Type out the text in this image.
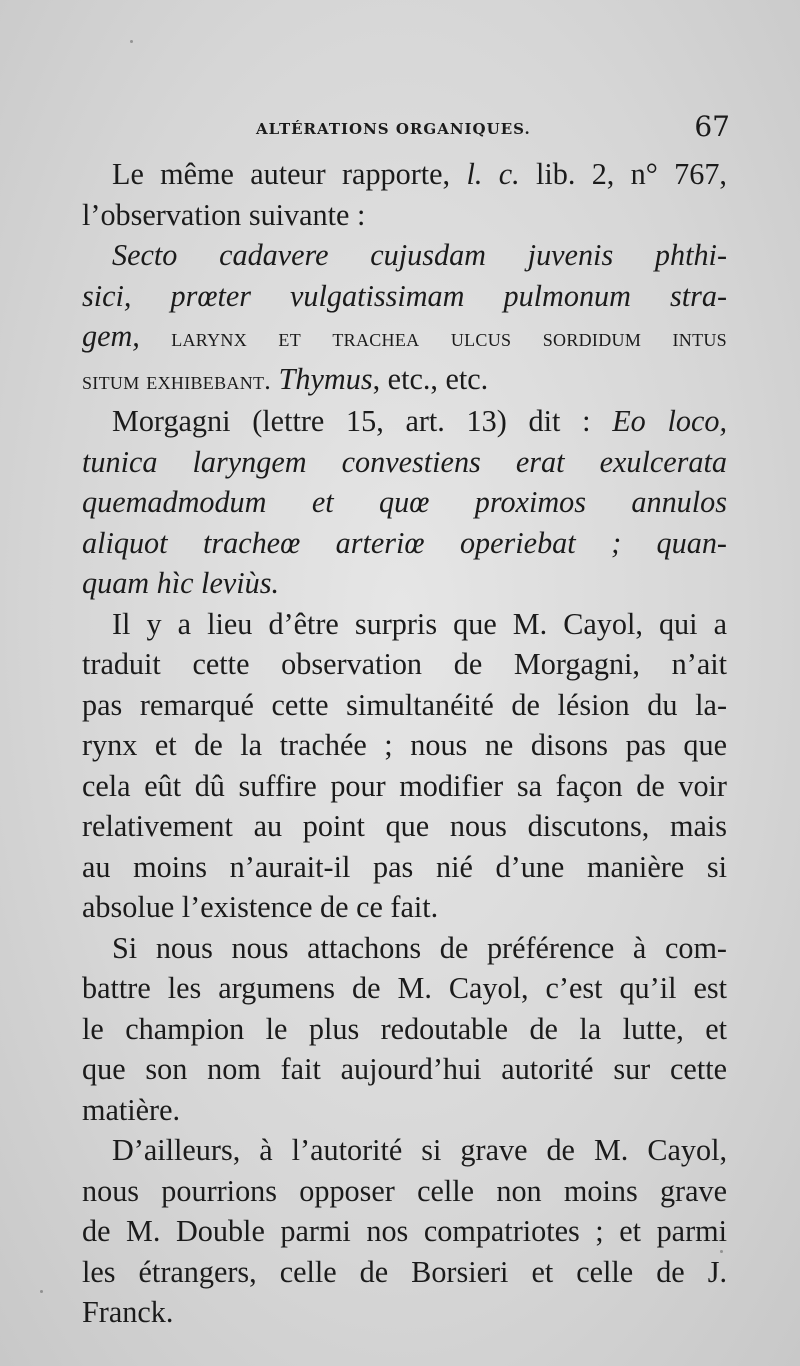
ALTÉRATIONS ORGANIQUES.	67

Le même auteur rapporte, l. c. lib. 2, n° 767,
l’observation suivante :

Secto cadavere cujusdam juvenis phthi-
sici, prœter vulgatissimam pulmonum stra-
gem, larynx et trachea ulcus sordidum intus
situm exhibebant. Thymus, etc., etc.

Morgagni (lettre 15, art. 13) dit : Eo loco,
tunica laryngem convestiens erat exulcerata
quemadmodum et quœ proximos annulos
aliquot tracheœ arteriœ operiebat ; quan-
quam hìc leviùs.

Il y a lieu d’être surpris que M. Cayol, qui a
traduit cette observation de Morgagni, n’ait
pas remarqué cette simultanéité de lésion du la-
rynx et de la trachée ; nous ne disons pas que
cela eût dû suffire pour modifier sa façon de voir
relativement au point que nous discutons, mais
au moins n’aurait-il pas nié d’une manière si
absolue l’existence de ce fait.

Si nous nous attachons de préférence à com-
battre les argumens de M. Cayol, c’est qu’il est
le champion le plus redoutable de la lutte, et
que son nom fait aujourd’hui autorité sur cette
matière.

D’ailleurs, à l’autorité si grave de M. Cayol,
nous pourrions opposer celle non moins grave
de M. Double parmi nos compatriotes ; et parmi
les étrangers, celle de Borsieri et celle de J.
Franck.
